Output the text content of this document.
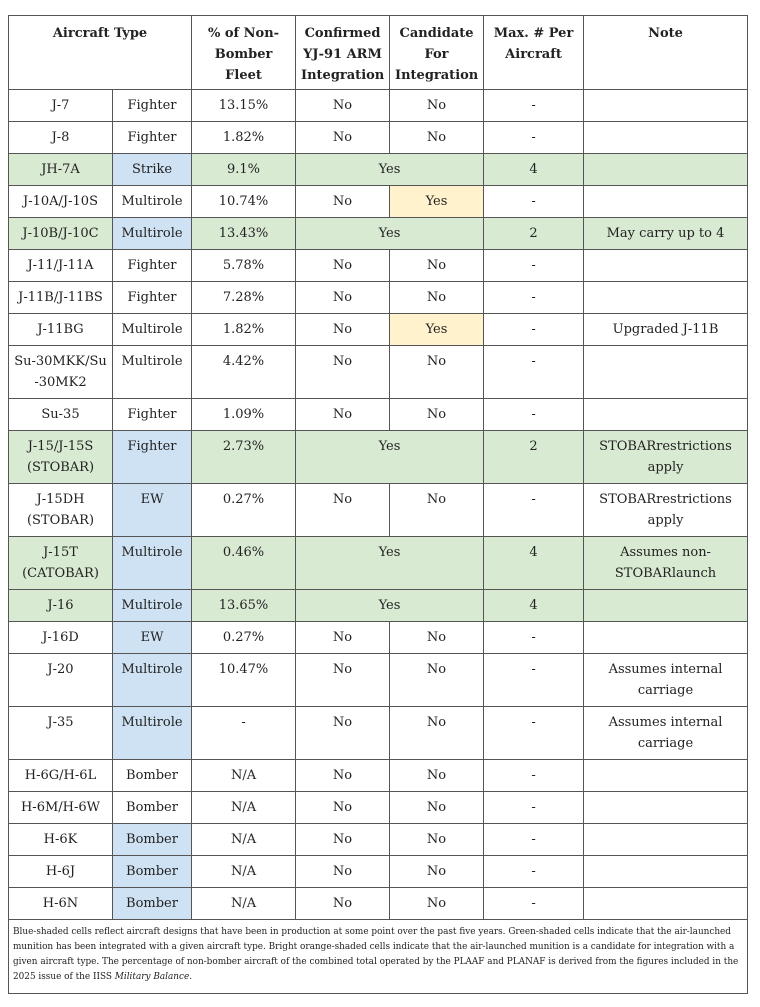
Aircraft Type		% of Non-Bomber Fleet	Confirmed YJ-91 ARM Integration	Candidate For Integration	Max. # Per Aircraft	Note
J-7	Fighter	13.15%	No	No	-	
J-8	Fighter	1.82%	No	No	-	
JH-7A	Strike	9.1%	Yes		4	
J-10A/J-10S	Multirole	10.74%	No	Yes	-	
J-10B/J-10C	Multirole	13.43%	Yes		2	May carry up to 4
J-11/J-11A	Fighter	5.78%	No	No	-	
J-11B/J-11BS	Fighter	7.28%	No	No	-	
J-11BG	Multirole	1.82%	No	Yes	-	Upgraded J-11B
Su-30MKK/Su-30MK2	Multirole	4.42%	No	No	-	
Su-35	Fighter	1.09%	No	No	-	
J-15/J-15S (STOBAR)	Fighter	2.73%	Yes		2	STOBARrestrictions apply
J-15DH (STOBAR)	EW	0.27%	No	No	-	STOBARrestrictions apply
J-15T (CATOBAR)	Multirole	0.46%	Yes		4	Assumes non-STOBARlaunch
J-16	Multirole	13.65%	Yes		4	
J-16D	EW	0.27%	No	No	-	
J-20	Multirole	10.47%	No	No	-	Assumes internal carriage
J-35	Multirole	-	No	No	-	Assumes internal carriage
H-6G/H-6L	Bomber	N/A	No	No	-	
H-6M/H-6W	Bomber	N/A	No	No	-	
H-6K	Bomber	N/A	No	No	-	
H-6J	Bomber	N/A	No	No	-	
H-6N	Bomber	N/A	No	No	-	
Blue-shaded cells reflect aircraft designs that have been in production at some point over the past five years. Green-shaded cells indicate that the air-launched munition has been integrated with a given aircraft type. Bright orange-shaded cells indicate that the air-launched munition is a candidate for integration with a given aircraft type. The percentage of non-bomber aircraft of the combined total operated by the PLAAF and PLANAF is derived from the figures included in the 2025 issue of the IISS Military Balance.						
